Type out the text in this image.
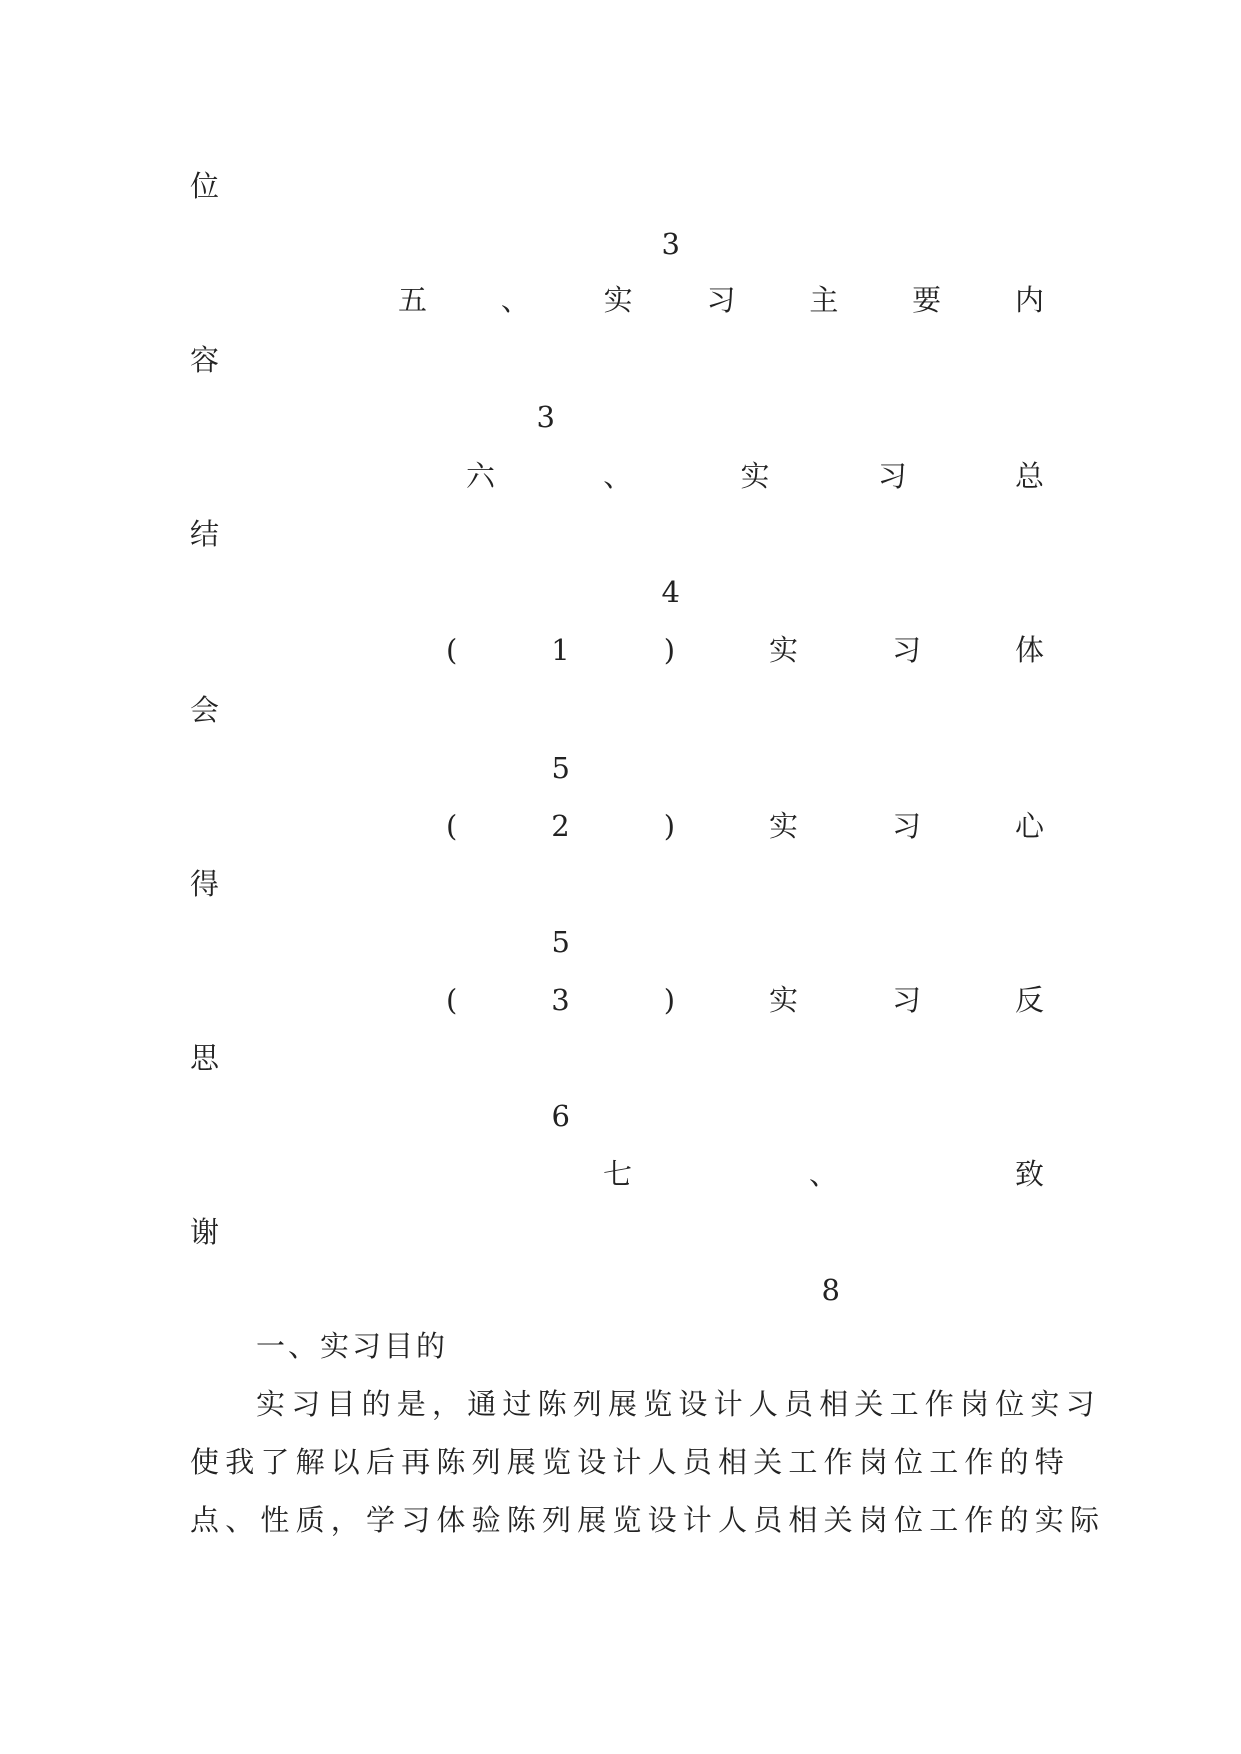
位
3
五	、	实	习	主	要	内
容
3
六	、	实	习	总
结
4
(	1	)	实	习	体
会
5
(	2	)	实	习	心
得
5
(	3	)	实	习	反
思
6
七	、	致
谢
8
一、实习目的
实习目的是，通过陈列展览设计人员相关工作岗位实习
使我了解以后再陈列展览设计人员相关工作岗位工作的特
点、性质，学习体验陈列展览设计人员相关岗位工作的实际
